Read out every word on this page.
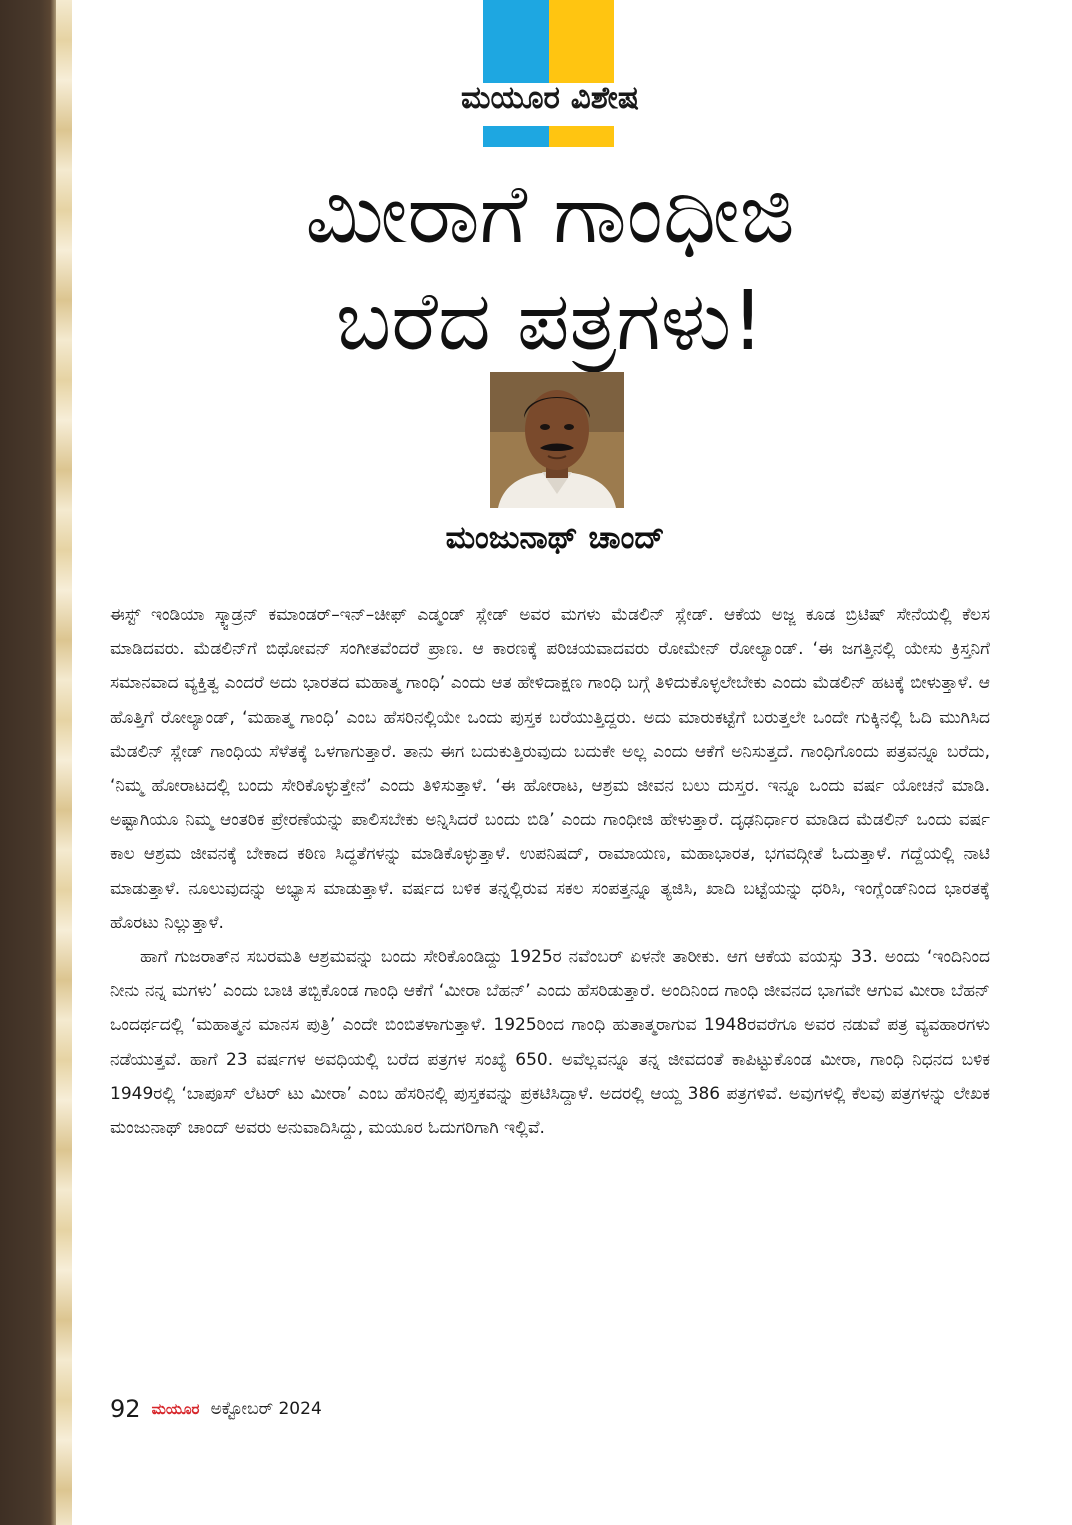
ಮಯೂರ ವಿಶೇಷ
ಮೀರಾಗೆ ಗಾಂಧೀಜಿ
ಬರೆದ ಪತ್ರಗಳು!
ಮಂಜುನಾಥ್ ಚಾಂದ್

ಈಸ್ಟ್ ಇಂಡಿಯಾ ಸ್ಕ್ವಾಡ್ರನ್ ಕಮಾಂಡರ್–ಇನ್–ಚೀಫ್ ಎಡ್ಮಂಡ್ ಸ್ಲೇಡ್ ಅವರ ಮಗಳು ಮೆಡಲಿನ್ ಸ್ಲೇಡ್. ಆಕೆಯ ಅಜ್ಜ ಕೂಡ ಬ್ರಿಟಿಷ್ ಸೇನೆಯಲ್ಲಿ ಕೆಲಸ ಮಾಡಿದವರು. ಮೆಡಲಿನ್‌ಗೆ ಬಿಥೋವನ್ ಸಂಗೀತವೆಂದರೆ ಪ್ರಾಣ. ಆ ಕಾರಣಕ್ಕೆ ಪರಿಚಯವಾದವರು ರೋಮೇನ್ ರೋಲ್ಯಾಂಡ್. ‘ಈ ಜಗತ್ತಿನಲ್ಲಿ ಯೇಸು ಕ್ರಿಸ್ತನಿಗೆ ಸಮಾನವಾದ ವ್ಯಕ್ತಿತ್ವ ಎಂದರೆ ಅದು ಭಾರತದ ಮಹಾತ್ಮ ಗಾಂಧಿ’ ಎಂದು ಆತ ಹೇಳಿದಾಕ್ಷಣ ಗಾಂಧಿ ಬಗ್ಗೆ ತಿಳಿದುಕೊಳ್ಳಲೇಬೇಕು ಎಂದು ಮೆಡಲಿನ್ ಹಟಕ್ಕೆ ಬೀಳುತ್ತಾಳೆ. ಆ ಹೊತ್ತಿಗೆ ರೋಲ್ಯಾಂಡ್, ‘ಮಹಾತ್ಮ ಗಾಂಧಿ’ ಎಂಬ ಹೆಸರಿನಲ್ಲಿಯೇ ಒಂದು ಪುಸ್ತಕ ಬರೆಯುತ್ತಿದ್ದರು. ಅದು ಮಾರುಕಟ್ಟೆಗೆ ಬರುತ್ತಲೇ ಒಂದೇ ಗುಕ್ಕಿನಲ್ಲಿ ಓದಿ ಮುಗಿಸಿದ ಮೆಡಲಿನ್ ಸ್ಲೇಡ್ ಗಾಂಧಿಯ ಸೆಳೆತಕ್ಕೆ ಒಳಗಾಗುತ್ತಾರೆ. ತಾನು ಈಗ ಬದುಕುತ್ತಿರುವುದು ಬದುಕೇ ಅಲ್ಲ ಎಂದು ಆಕೆಗೆ ಅನಿಸುತ್ತದೆ. ಗಾಂಧಿಗೊಂದು ಪತ್ರವನ್ನೂ ಬರೆದು, ‘ನಿಮ್ಮ ಹೋರಾಟದಲ್ಲಿ ಬಂದು ಸೇರಿಕೊಳ್ಳುತ್ತೇನೆ’ ಎಂದು ತಿಳಿಸುತ್ತಾಳೆ. ‘ಈ ಹೋರಾಟ, ಆಶ್ರಮ ಜೀವನ ಬಲು ದುಸ್ತರ. ಇನ್ನೂ ಒಂದು ವರ್ಷ ಯೋಚನೆ ಮಾಡಿ. ಅಷ್ಟಾಗಿಯೂ ನಿಮ್ಮ ಆಂತರಿಕ ಪ್ರೇರಣೆಯನ್ನು ಪಾಲಿಸಬೇಕು ಅನ್ನಿಸಿದರೆ ಬಂದು ಬಿಡಿ’ ಎಂದು ಗಾಂಧೀಜಿ ಹೇಳುತ್ತಾರೆ. ದೃಢನಿರ್ಧಾರ ಮಾಡಿದ ಮೆಡಲಿನ್ ಒಂದು ವರ್ಷ ಕಾಲ ಆಶ್ರಮ ಜೀವನಕ್ಕೆ ಬೇಕಾದ ಕಠಿಣ ಸಿದ್ಧತೆಗಳನ್ನು ಮಾಡಿಕೊಳ್ಳುತ್ತಾಳೆ. ಉಪನಿಷದ್, ರಾಮಾಯಣ, ಮಹಾಭಾರತ, ಭಗವದ್ಗೀತೆ ಓದುತ್ತಾಳೆ. ಗದ್ದೆಯಲ್ಲಿ ನಾಟಿ ಮಾಡುತ್ತಾಳೆ. ನೂಲುವುದನ್ನು ಅಭ್ಯಾಸ ಮಾಡುತ್ತಾಳೆ. ವರ್ಷದ ಬಳಿಕ ತನ್ನಲ್ಲಿರುವ ಸಕಲ ಸಂಪತ್ತನ್ನೂ ತ್ಯಜಿಸಿ, ಖಾದಿ ಬಟ್ಟೆಯನ್ನು ಧರಿಸಿ, ಇಂಗ್ಲೆಂಡ್‌ನಿಂದ ಭಾರತಕ್ಕೆ ಹೊರಟು ನಿಲ್ಲುತ್ತಾಳೆ.

ಹಾಗೆ ಗುಜರಾತ್‌ನ ಸಬರಮತಿ ಆಶ್ರಮವನ್ನು ಬಂದು ಸೇರಿಕೊಂಡಿದ್ದು 1925ರ ನವೆಂಬರ್ ಏಳನೇ ತಾರೀಕು. ಆಗ ಆಕೆಯ ವಯಸ್ಸು 33. ಅಂದು ‘ಇಂದಿನಿಂದ ನೀನು ನನ್ನ ಮಗಳು’ ಎಂದು ಬಾಚಿ ತಬ್ಬಿಕೊಂಡ ಗಾಂಧಿ ಆಕೆಗೆ ‘ಮೀರಾ ಬೆಹನ್’ ಎಂದು ಹೆಸರಿಡುತ್ತಾರೆ. ಅಂದಿನಿಂದ ಗಾಂಧಿ ಜೀವನದ ಭಾಗವೇ ಆಗುವ ಮೀರಾ ಬೆಹನ್ ಒಂದರ್ಥದಲ್ಲಿ ‘ಮಹಾತ್ಮನ ಮಾನಸ ಪುತ್ರಿ’ ಎಂದೇ ಬಿಂಬಿತಳಾಗುತ್ತಾಳೆ. 1925ರಿಂದ ಗಾಂಧಿ ಹುತಾತ್ಮರಾಗುವ 1948ರವರೆಗೂ ಅವರ ನಡುವೆ ಪತ್ರ ವ್ಯವಹಾರಗಳು ನಡೆಯುತ್ತವೆ. ಹಾಗೆ 23 ವರ್ಷಗಳ ಅವಧಿಯಲ್ಲಿ ಬರೆದ ಪತ್ರಗಳ ಸಂಖ್ಯೆ 650. ಅವೆಲ್ಲವನ್ನೂ ತನ್ನ ಜೀವದಂತೆ ಕಾಪಿಟ್ಟುಕೊಂಡ ಮೀರಾ, ಗಾಂಧಿ ನಿಧನದ ಬಳಿಕ 1949ರಲ್ಲಿ ‘ಬಾಪೂಸ್ ಲೆಟರ್ ಟು ಮೀರಾ’ ಎಂಬ ಹೆಸರಿನಲ್ಲಿ ಪುಸ್ತಕವನ್ನು ಪ್ರಕಟಿಸಿದ್ದಾಳೆ. ಅದರಲ್ಲಿ ಆಯ್ದ 386 ಪತ್ರಗಳಿವೆ. ಅವುಗಳಲ್ಲಿ ಕೆಲವು ಪತ್ರಗಳನ್ನು ಲೇಖಕ ಮಂಜುನಾಥ್ ಚಾಂದ್ ಅವರು ಅನುವಾದಿಸಿದ್ದು, ಮಯೂರ ಓದುಗರಿಗಾಗಿ ಇಲ್ಲಿವೆ.

92 ಮಯೂರ ಅಕ್ಟೋಬರ್ 2024
